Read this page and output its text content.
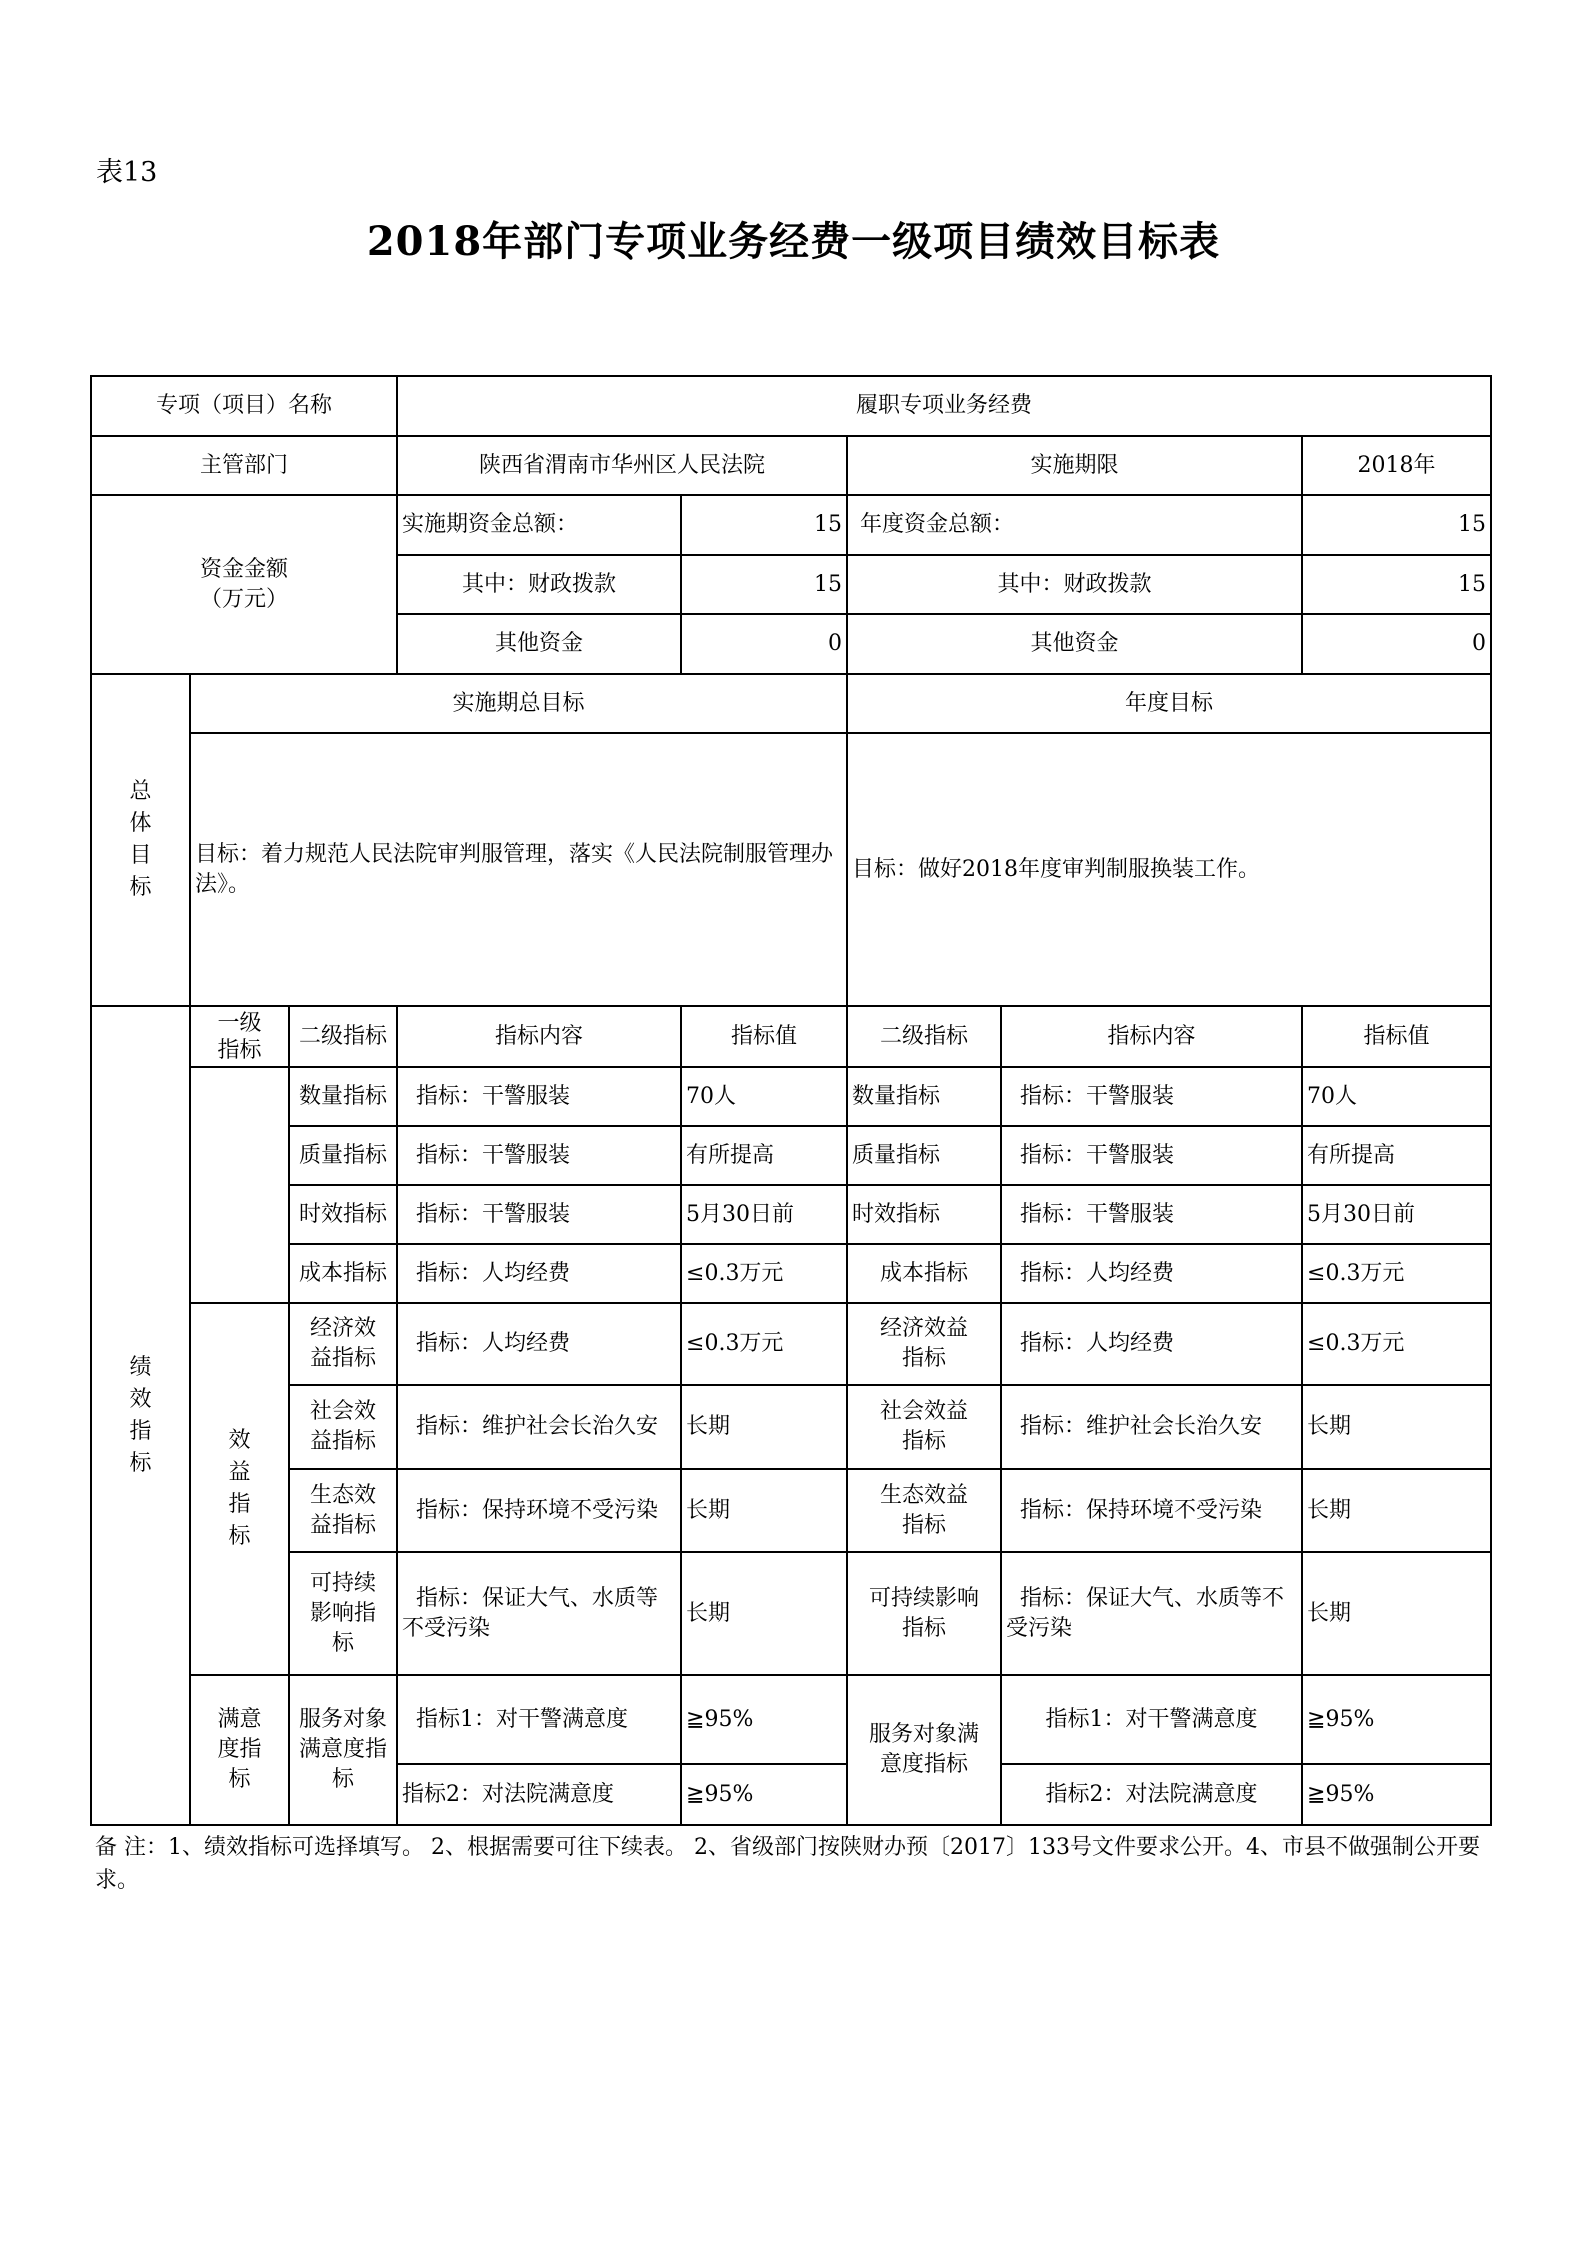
表13
2018年部门专项业务经费一级项目绩效目标表
专项（项目）名称			履职专项业务经费				
主管部门			陕西省渭南市华州区人民法院		实施期限		2018年

资金金额
（万元）			实施期资金总额：	15	年度资金总额：		15
			其中：财政拨款	15	其中：财政拨款		15
			其他资金	0	其他资金		0

总体目标	实施期总目标				年度目标		
	目标：着力规范人民法院审判服管理，落实《人民法院制服管理办法》。				目标：做好2018年度审判制服换装工作。		

绩效指标	一级指标	二级指标	指标内容	指标值	二级指标	指标内容	指标值
		数量指标	指标：干警服装	70人	数量指标	指标：干警服装	70人
		质量指标	指标：干警服装	有所提高	质量指标	指标：干警服装	有所提高
		时效指标	指标：干警服装	5月30日前	时效指标	指标：干警服装	5月30日前
		成本指标	指标：人均经费	≤0.3万元	成本指标	指标：人均经费	≤0.3万元

	效益指标	经济效益指标	指标：人均经费	≤0.3万元	经济效益指标	指标：人均经费	≤0.3万元

		社会效益指标	指标：维护社会长治久安	长期	社会效益指标	指标：维护社会长治久安	长期

		生态效益指标	指标：保持环境不受污染	长期	生态效益指标	指标：保持环境不受污染	长期

		可持续影响指标	指标：保证大气、水质等不受污染	长期	可持续影响指标	指标：保证大气、水质等不受污染	长期

	满意度指标	服务对象满意度指标	指标1：对干警满意度	≧95%	服务对象满意度指标	指标1：对干警满意度	≧95%
			指标2：对法院满意度	≧95%		指标2：对法院满意度	≧95%
备 注：1、绩效指标可选择填写。 2、根据需要可往下续表。 2、省级部门按陕财办预〔2017〕133号文件要求公开。4、市县不做强制公开要求。
